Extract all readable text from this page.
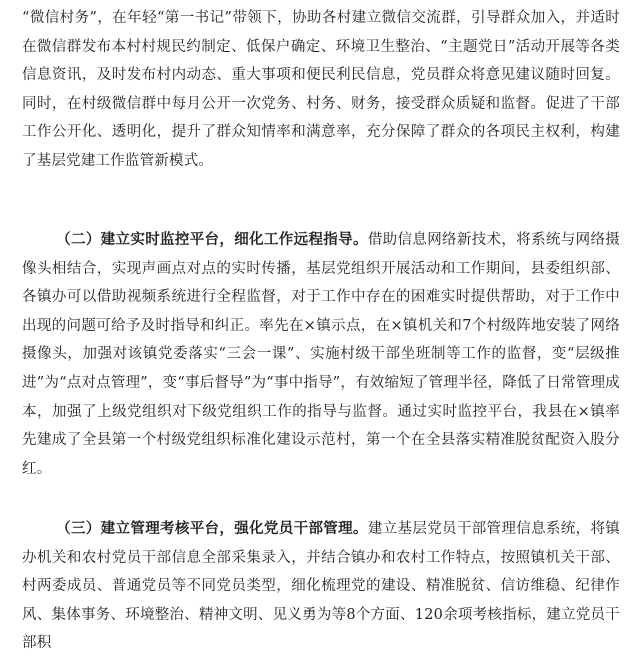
“微信村务”，在年轻“第一书记”带领下，协助各村建立微信交流群，引导群众加入，并适时在微信群发布本村村规民约制定、低保户确定、环境卫生整治、“主题党日”活动开展等各类信息资讯，及时发布村内动态、重大事项和便民利民信息，党员群众将意见建议随时回复。同时，在村级微信群中每月公开一次党务、村务、财务，接受群众质疑和监督。促进了干部工作公开化、透明化，提升了群众知情率和满意率，充分保障了群众的各项民主权利，构建了基层党建工作监管新模式。

（二）建立实时监控平台，细化工作远程指导。借助信息网络新技术，将系统与网络摄像头相结合，实现声画点对点的实时传播，基层党组织开展活动和工作期间，县委组织部、各镇办可以借助视频系统进行全程监督，对于工作中存在的困难实时提供帮助，对于工作中出现的问题可给予及时指导和纠正。率先在×镇示点，在×镇机关和7个村级阵地安装了网络摄像头，加强对该镇党委落实“三会一课”、实施村级干部坐班制等工作的监督，变“层级推进”为“点对点管理”，变“事后督导”为“事中指导”，有效缩短了管理半径，降低了日常管理成本，加强了上级党组织对下级党组织工作的指导与监督。通过实时监控平台，我县在×镇率先建成了全县第一个村级党组织标准化建设示范村，第一个在全县落实精准脱贫配资入股分红。

（三）建立管理考核平台，强化党员干部管理。建立基层党员干部管理信息系统，将镇办机关和农村党员干部信息全部采集录入，并结合镇办和农村工作特点，按照镇机关干部、村两委成员、普通党员等不同党员类型，细化梳理党的建设、精准脱贫、信访维稳、纪律作风、集体事务、环境整治、精神文明、见义勇为等8个方面、120余项考核指标，建立党员干部积
